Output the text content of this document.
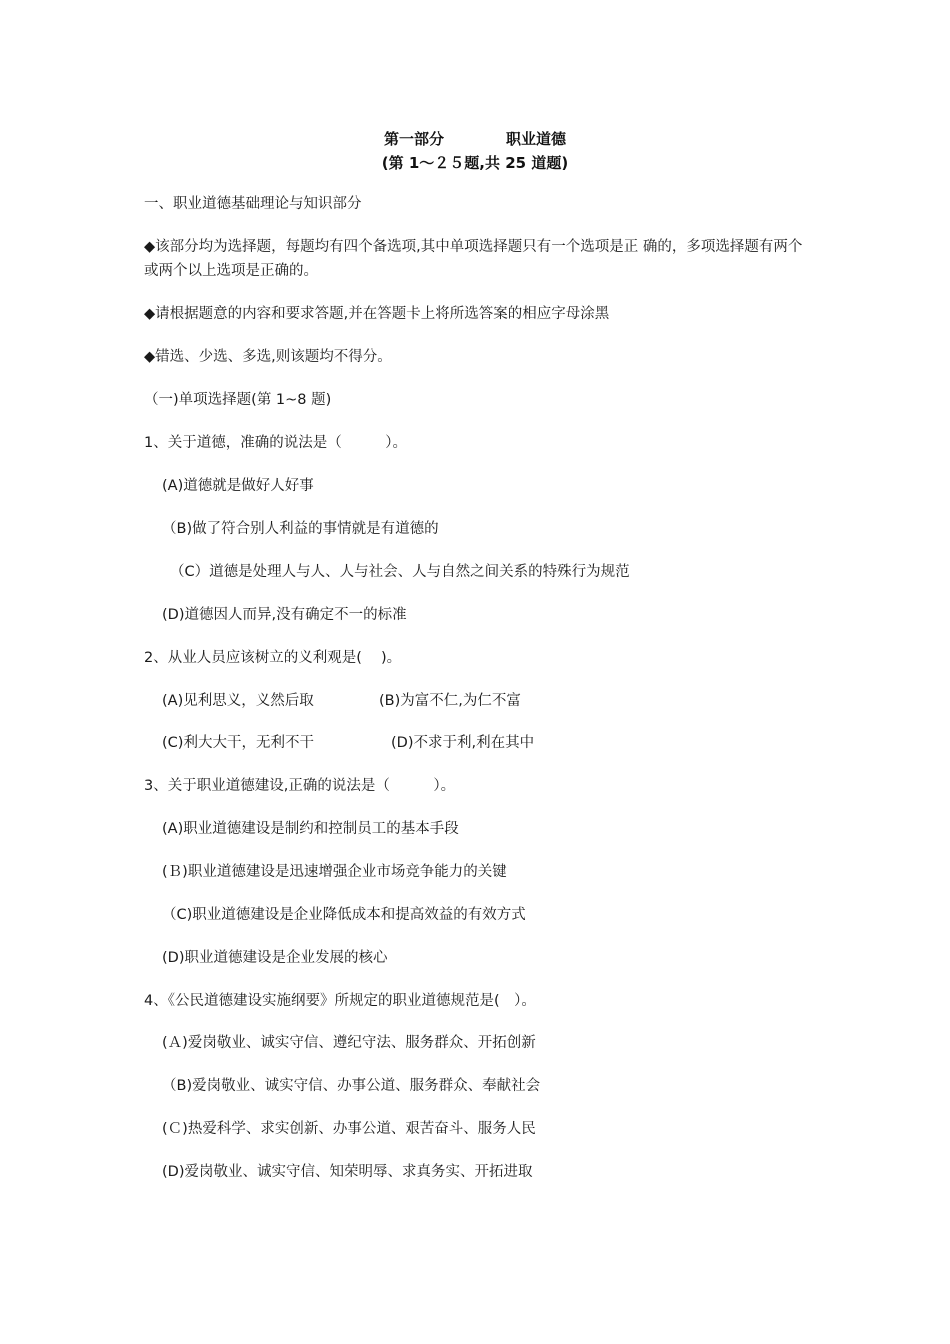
第一部分	职业道德
(第 1～２５题,共 25 道题)
一、职业道德基础理论与知识部分
◆该部分均为选择题，每题均有四个备选项,其中单项选择题只有一个选项是正 确的，多项选择题有两个或两个以上选项是正确的。
◆请根据题意的内容和要求答题,并在答题卡上将所选答案的相应字母涂黑
◆错选、少选、多选,则该题均不得分。
（一)单项选择题(第 1~8 题)
1、关于道德，准确的说法是（　　　）。
(A)道德就是做好人好事
（B)做了符合别人利益的事情就是有道德的
（C）道德是处理人与人、人与社会、人与自然之间关系的特殊行为规范
(D)道德因人而异,没有确定不一的标准
2、从业人员应该树立的义利观是(　 )。
(A)见利思义，义然后取	(B)为富不仁,为仁不富
(C)利大大干，无利不干	(D)不求于利,利在其中
3、关于职业道德建设,正确的说法是（　　　）。
(A)职业道德建设是制约和控制员工的基本手段
(Ｂ)职业道德建设是迅速增强企业市场竞争能力的关键
（C)职业道德建设是企业降低成本和提高效益的有效方式
(D)职业道德建设是企业发展的核心
4、《公民道德建设实施纲要》所规定的职业道德规范是(　）。
(Ａ)爱岗敬业、诚实守信、遵纪守法、服务群众、开拓创新
（B)爱岗敬业、诚实守信、办事公道、服务群众、奉献社会
(Ｃ)热爱科学、求实创新、办事公道、艰苦奋斗、服务人民
(D)爱岗敬业、诚实守信、知荣明辱、求真务实、开拓进取
